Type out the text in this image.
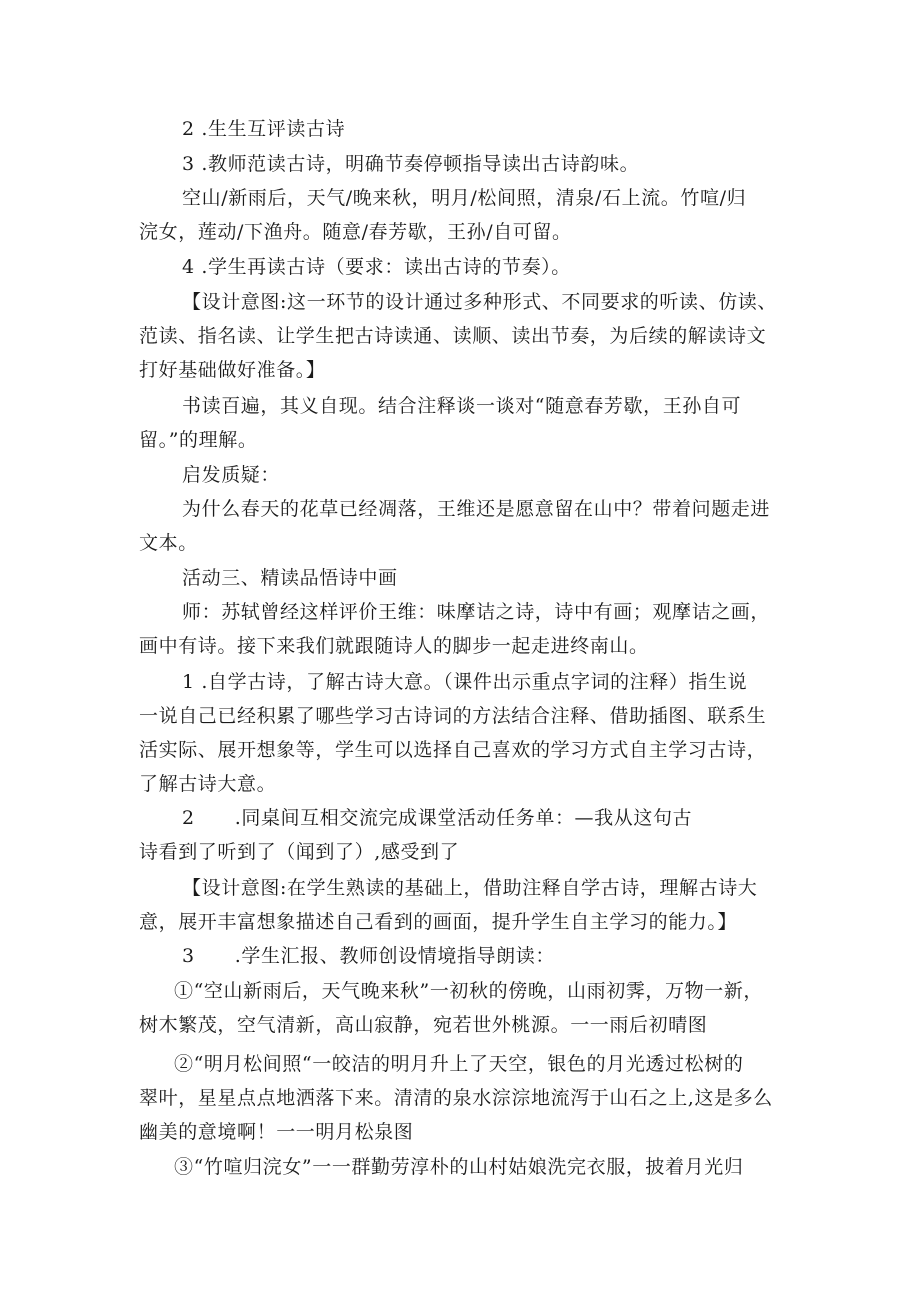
2 .生生互评读古诗
3 .教师范读古诗，明确节奏停顿指导读出古诗韵味。
空山/新雨后，天气/晚来秋，明月/松间照，清泉/石上流。竹喧/归
浣女，莲动/下渔舟。随意/春芳歇，王孙/自可留。
4 .学生再读古诗（要求：读出古诗的节奏）。
【设计意图:这一环节的设计通过多种形式、不同要求的听读、仿读、
范读、指名读、让学生把古诗读通、读顺、读出节奏，为后续的解读诗文
打好基础做好准备。】
书读百遍，其义自现。结合注释谈一谈对“随意春芳歇，王孙自可
留。”的理解。
启发质疑：
为什么春天的花草已经凋落，王维还是愿意留在山中？带着问题走进
文本。
活动三、精读品悟诗中画
师：苏轼曾经这样评价王维：味摩诘之诗，诗中有画；观摩诘之画，
画中有诗。接下来我们就跟随诗人的脚步一起走进终南山。
1 .自学古诗，了解古诗大意。（课件出示重点字词的注释）指生说
一说自己已经积累了哪些学习古诗词的方法结合注释、借助插图、联系生
活实际、展开想象等，学生可以选择自己喜欢的学习方式自主学习古诗，
了解古诗大意。
2 .同桌间互相交流完成课堂活动任务单：—我从这句古
诗看到了听到了（闻到了）,感受到了
【设计意图:在学生熟读的基础上，借助注释自学古诗，理解古诗大
意，展开丰富想象描述自己看到的画面，提升学生自主学习的能力。】
3 .学生汇报、教师创设情境指导朗读：
①“空山新雨后，天气晚来秋”一初秋的傍晚，山雨初霁，万物一新，
树木繁茂，空气清新，高山寂静，宛若世外桃源。一一雨后初晴图
②“明月松间照“一皎洁的明月升上了天空，银色的月光透过松树的
翠叶，星星点点地洒落下来。清清的泉水淙淙地流泻于山石之上,这是多么
幽美的意境啊！一一明月松泉图
③“竹喧归浣女”一一群勤劳淳朴的山村姑娘洗完衣服，披着月光归
